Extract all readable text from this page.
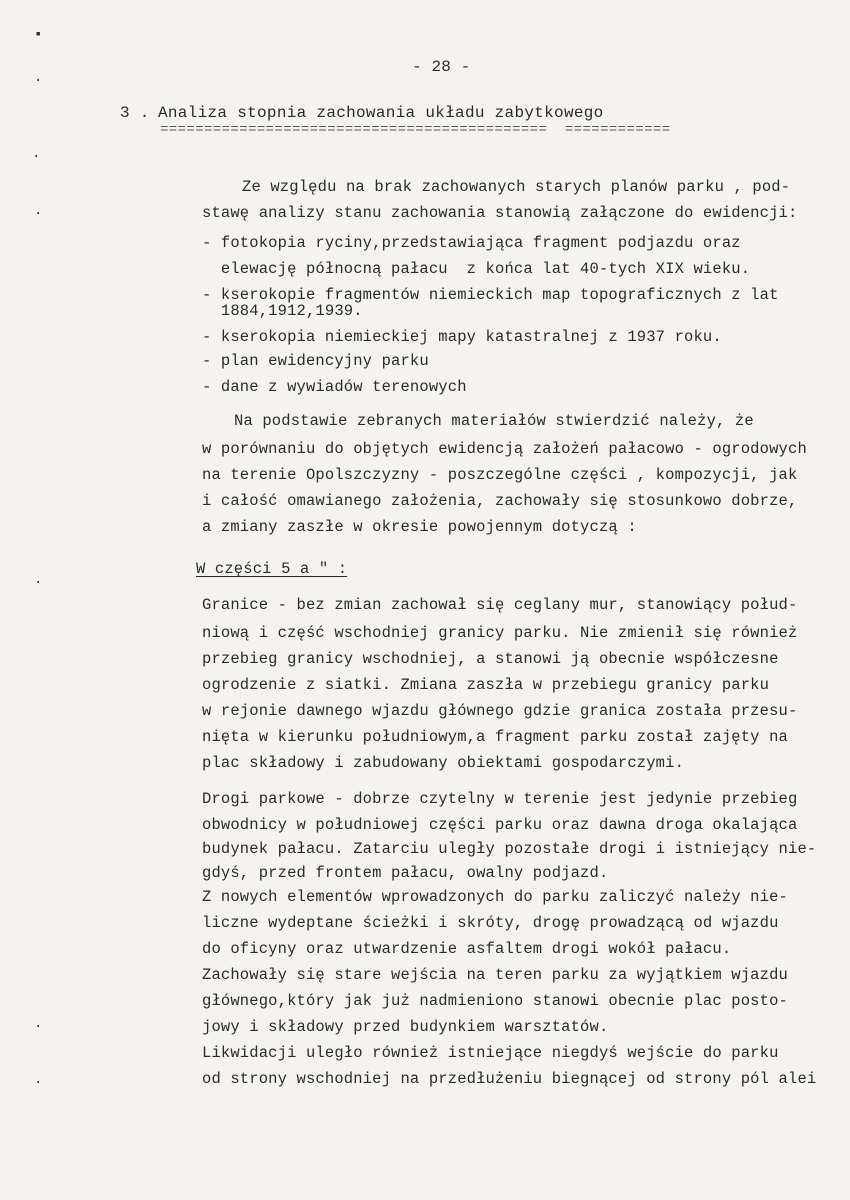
▪
·
·
·
·
·
·
- 28 -
3 . Analiza stopnia zachowania układu zabytkowego
============================================  ============
Ze względu na brak zachowanych starych planów parku , pod-
stawę analizy stanu zachowania stanowią załączone do ewidencji:
- fotokopia ryciny,przedstawiająca fragment podjazdu oraz
elewację północną pałacu  z końca lat 40-tych XIX wieku.
- kserokopie fragmentów niemieckich map topograficznych z lat
1884,1912,1939.
- kserokopia niemieckiej mapy katastralnej z 1937 roku.
- plan ewidencyjny parku
- dane z wywiadów terenowych
Na podstawie zebranych materiałów stwierdzić należy, że
w porównaniu do objętych ewidencją założeń pałacowo - ogrodowych
na terenie Opolszczyzny - poszczególne części , kompozycji, jak
i całość omawianego założenia, zachowały się stosunkowo dobrze,
a zmiany zaszłe w okresie powojennym dotyczą :
W części 5 a " :
Granice - bez zmian zachował się ceglany mur, stanowiący połud-
niową i część wschodniej granicy parku. Nie zmienił się również
przebieg granicy wschodniej, a stanowi ją obecnie współczesne
ogrodzenie z siatki. Zmiana zaszła w przebiegu granicy parku
w rejonie dawnego wjazdu głównego gdzie granica została przesu-
nięta w kierunku południowym,a fragment parku został zajęty na
plac składowy i zabudowany obiektami gospodarczymi.
Drogi parkowe - dobrze czytelny w terenie jest jedynie przebieg
obwodnicy w południowej części parku oraz dawna droga okalająca
budynek pałacu. Zatarciu uległy pozostałe drogi i istniejący nie-
gdyś, przed frontem pałacu, owalny podjazd.
Z nowych elementów wprowadzonych do parku zaliczyć należy nie-
liczne wydeptane ścieżki i skróty, drogę prowadzącą od wjazdu
do oficyny oraz utwardzenie asfaltem drogi wokół pałacu.
Zachowały się stare wejścia na teren parku za wyjątkiem wjazdu
głównego,który jak już nadmieniono stanowi obecnie plac posto-
jowy i składowy przed budynkiem warsztatów.
Likwidacji uległo również istniejące niegdyś wejście do parku
od strony wschodniej na przedłużeniu biegnącej od strony pól alei
